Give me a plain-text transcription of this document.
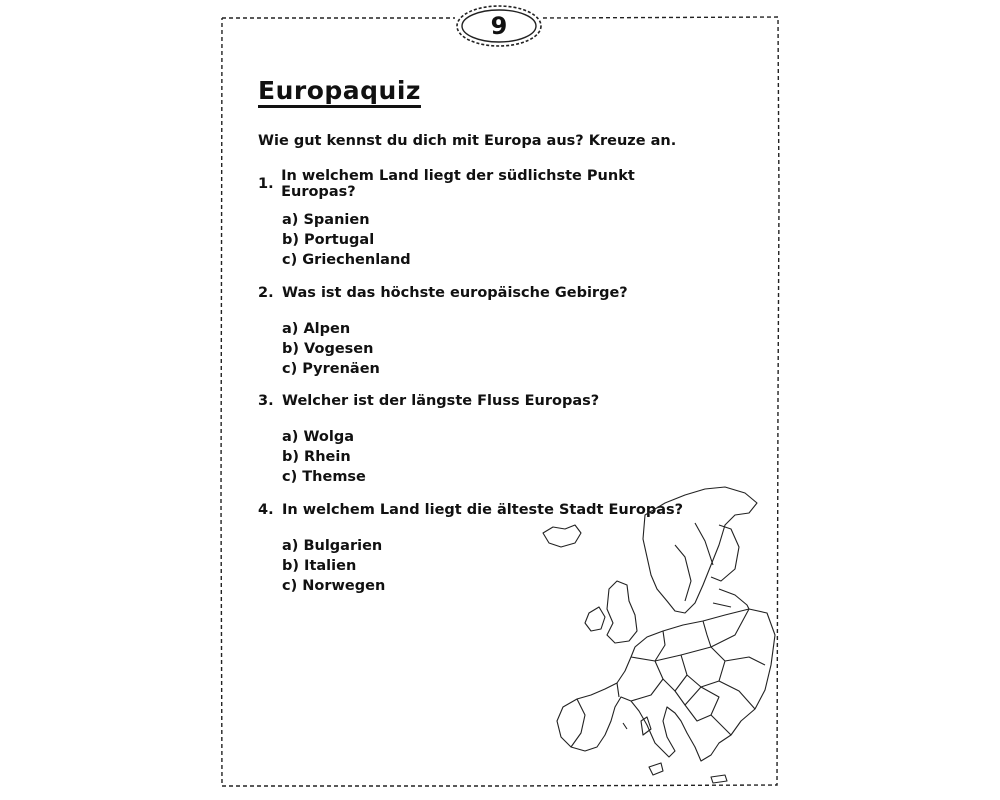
9
Europaquiz
Wie gut kennst du dich mit Europa aus? Kreuze an.
1. In welchem Land liegt der südlichste Punkt Europas?
a) Spanien
b) Portugal
c) Griechenland
2. Was ist das höchste europäische Gebirge?
a) Alpen
b) Vogesen
c) Pyrenäen
3. Welcher ist der längste Fluss Europas?
a) Wolga
b) Rhein
c) Themse
4. In welchem Land liegt die älteste Stadt Europas?
a) Bulgarien
b) Italien
c) Norwegen
